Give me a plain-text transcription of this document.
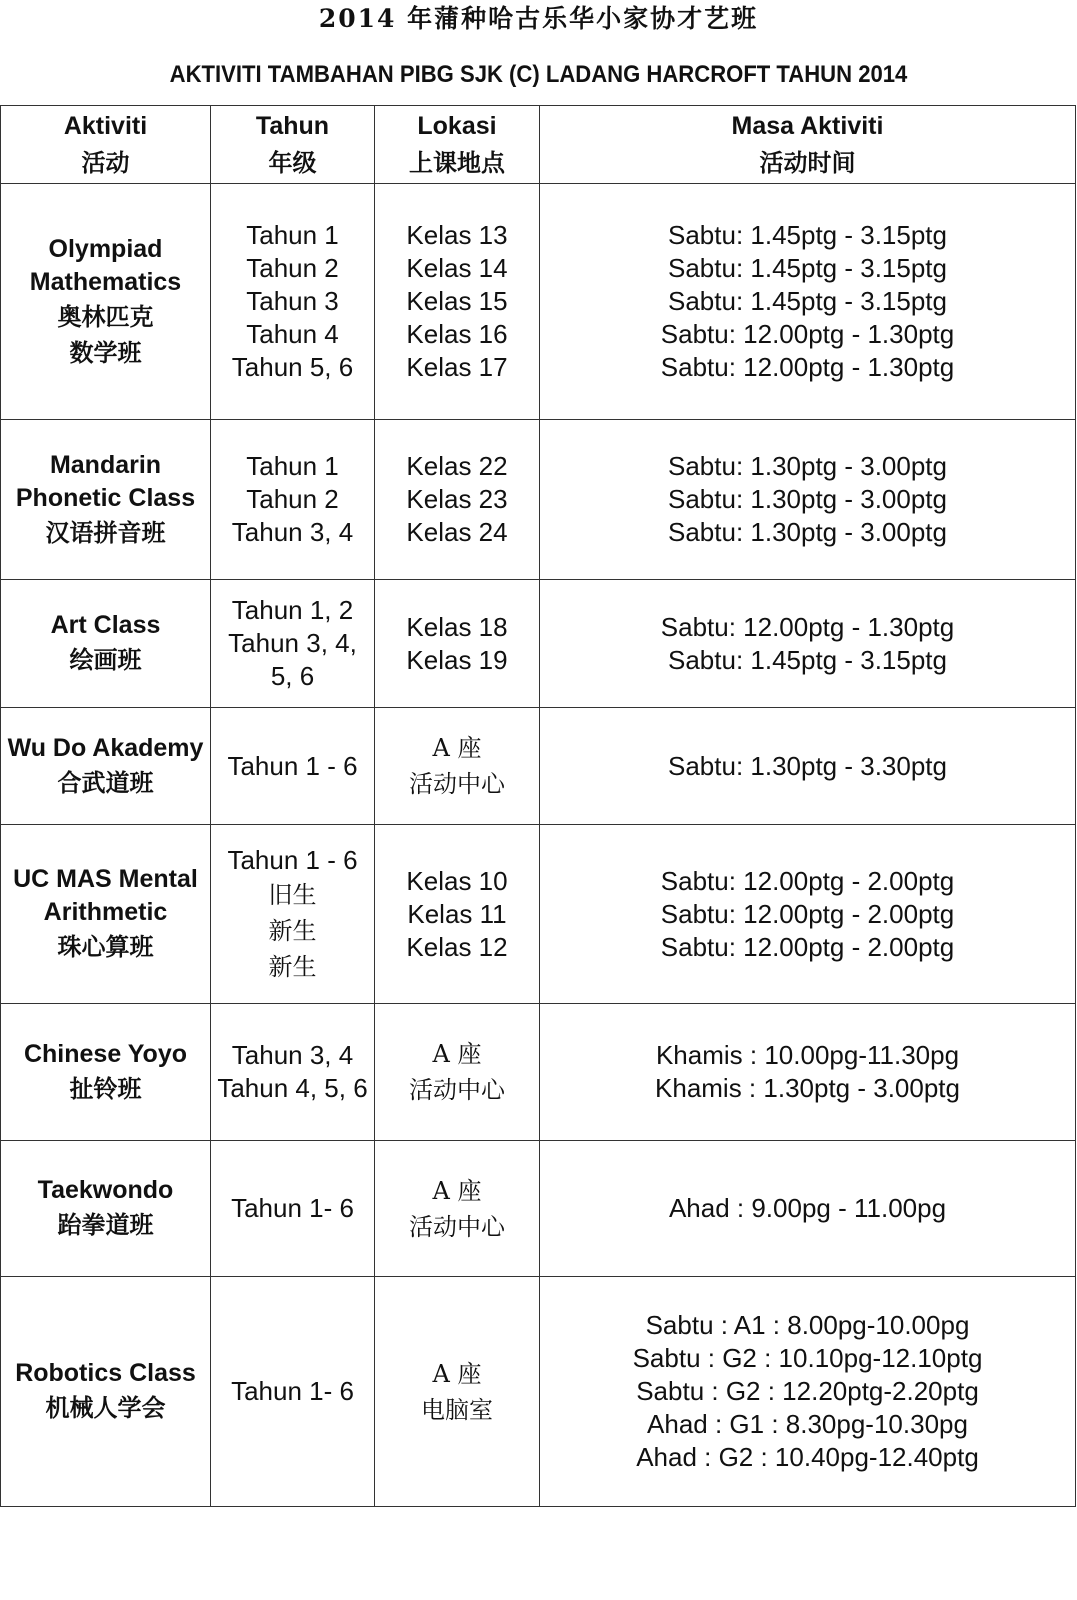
2014 年蒲种哈古乐华小家协才艺班
AKTIVITI TAMBAHAN PIBG SJK (C) LADANG HARCROFT TAHUN 2014
Aktiviti
活动	Tahun
年级	Lokasi
上课地点	Masa Aktiviti
活动时间

Olympiad
Mathematics
奥林匹克
数学班	Tahun 1
Tahun 2
Tahun 3
Tahun 4
Tahun 5, 6	Kelas 13
Kelas 14
Kelas 15
Kelas 16
Kelas 17	Sabtu: 1.45ptg - 3.15ptg
Sabtu: 1.45ptg - 3.15ptg
Sabtu: 1.45ptg - 3.15ptg
Sabtu: 12.00ptg - 1.30ptg
Sabtu: 12.00ptg - 1.30ptg

Mandarin
Phonetic Class
汉语拼音班	Tahun 1
Tahun 2
Tahun 3, 4	Kelas 22
Kelas 23
Kelas 24	Sabtu: 1.30ptg - 3.00ptg
Sabtu: 1.30ptg - 3.00ptg
Sabtu: 1.30ptg - 3.00ptg

Art Class
绘画班	Tahun 1, 2
Tahun 3, 4,
5, 6	Kelas 18
Kelas 19	Sabtu: 12.00ptg - 1.30ptg
Sabtu: 1.45ptg - 3.15ptg

Wu Do Akademy
合武道班	Tahun 1 - 6	A 座
活动中心	Sabtu: 1.30ptg - 3.30ptg

UC MAS Mental
Arithmetic
珠心算班	Tahun 1 - 6
旧生
新生
新生	Kelas 10
Kelas 11
Kelas 12	Sabtu: 12.00ptg - 2.00ptg
Sabtu: 12.00ptg - 2.00ptg
Sabtu: 12.00ptg - 2.00ptg

Chinese Yoyo
扯铃班	Tahun 3, 4
Tahun 4, 5, 6	A 座
活动中心	Khamis : 10.00pg-11.30pg
Khamis : 1.30ptg - 3.00ptg

Taekwondo
跆拳道班	Tahun 1- 6	A 座
活动中心	Ahad : 9.00pg - 11.00pg

Robotics Class
机械人学会	Tahun 1- 6	A 座
电脑室	Sabtu : A1 : 8.00pg-10.00pg
Sabtu : G2 : 10.10pg-12.10ptg
Sabtu : G2 : 12.20ptg-2.20ptg
Ahad : G1 : 8.30pg-10.30pg
Ahad : G2 : 10.40pg-12.40ptg
